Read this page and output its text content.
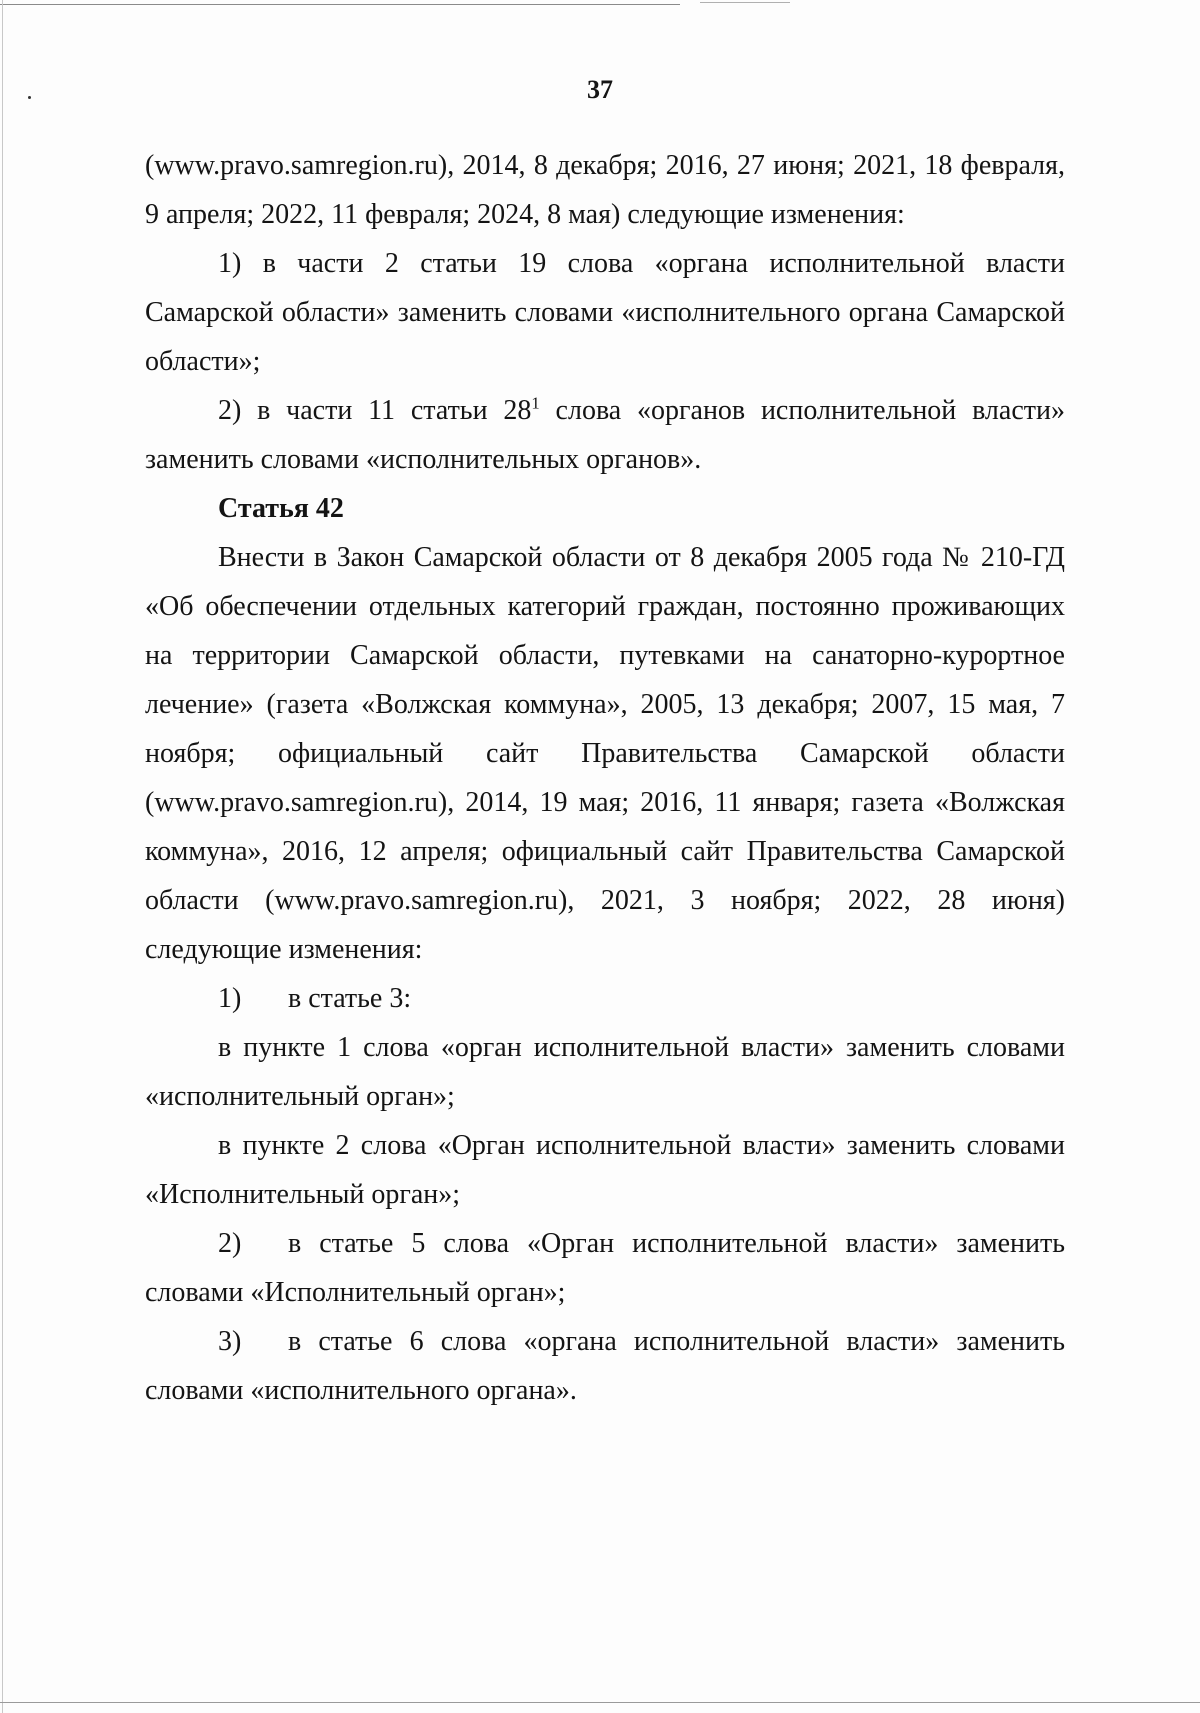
37

(www.pravo.samregion.ru), 2014, 8 декабря; 2016, 27 июня; 2021, 18 февраля, 9 апреля; 2022, 11 февраля; 2024, 8 мая) следующие изменения:

1) в части 2 статьи 19 слова «органа исполнительной власти Самарской области» заменить словами «исполнительного органа Самарской области»;

2) в части 11 статьи $28^1$ слова «органов исполнительной власти» заменить словами «исполнительных органов».

Статья 42

Внести в Закон Самарской области от 8 декабря 2005 года № 210-ГД «Об обеспечении отдельных категорий граждан, постоянно проживающих на территории Самарской области, путевками на санаторно-курортное лечение» (газета «Волжская коммуна», 2005, 13 декабря; 2007, 15 мая, 7 ноября; официальный сайт Правительства Самарской области (www.pravo.samregion.ru), 2014, 19 мая; 2016, 11 января; газета «Волжская коммуна», 2016, 12 апреля; официальный сайт Правительства Самарской области (www.pravo.samregion.ru), 2021, 3 ноября; 2022, 28 июня) следующие изменения:

1)	в статье 3:

в пункте 1 слова «орган исполнительной власти» заменить словами «исполнительный орган»;

в пункте 2 слова «Орган исполнительной власти» заменить словами «Исполнительный орган»;

2) в статье 5 слова «Орган исполнительной власти» заменить словами «Исполнительный орган»;

3) в статье 6 слова «органа исполнительной власти» заменить словами «исполнительного органа».
